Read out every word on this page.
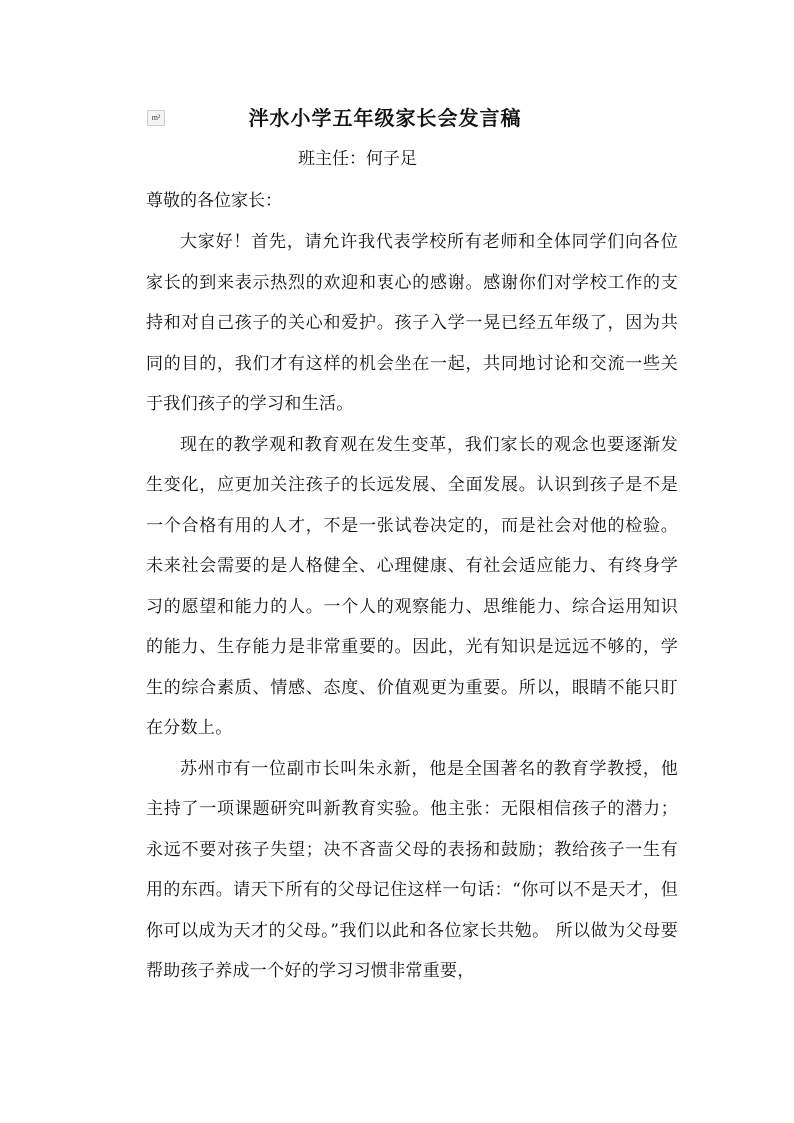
m²	泮水小学五年级家长会发言稿
班主任：何子足
尊敬的各位家长：

大家好！首先，请允许我代表学校所有老师和全体同学们向各位家长的到来表示热烈的欢迎和衷心的感谢。感谢你们对学校工作的支持和对自己孩子的关心和爱护。孩子入学一晃已经五年级了，因为共同的目的，我们才有这样的机会坐在一起，共同地讨论和交流一些关于我们孩子的学习和生活。

现在的教学观和教育观在发生变革，我们家长的观念也要逐渐发生变化，应更加关注孩子的长远发展、全面发展。认识到孩子是不是一个合格有用的人才，不是一张试卷决定的，而是社会对他的检验。未来社会需要的是人格健全、心理健康、有社会适应能力、有终身学习的愿望和能力的人。一个人的观察能力、思维能力、综合运用知识的能力、生存能力是非常重要的。因此，光有知识是远远不够的，学生的综合素质、情感、态度、价值观更为重要。所以，眼睛不能只盯在分数上。

苏州市有一位副市长叫朱永新，他是全国著名的教育学教授，他主持了一项课题研究叫新教育实验。他主张：无限相信孩子的潜力；永远不要对孩子失望；决不吝啬父母的表扬和鼓励；教给孩子一生有用的东西。请天下所有的父母记住这样一句话：“你可以不是天才，但你可以成为天才的父母。”我们以此和各位家长共勉。 所以做为父母要帮助孩子养成一个好的学习习惯非常重要，
